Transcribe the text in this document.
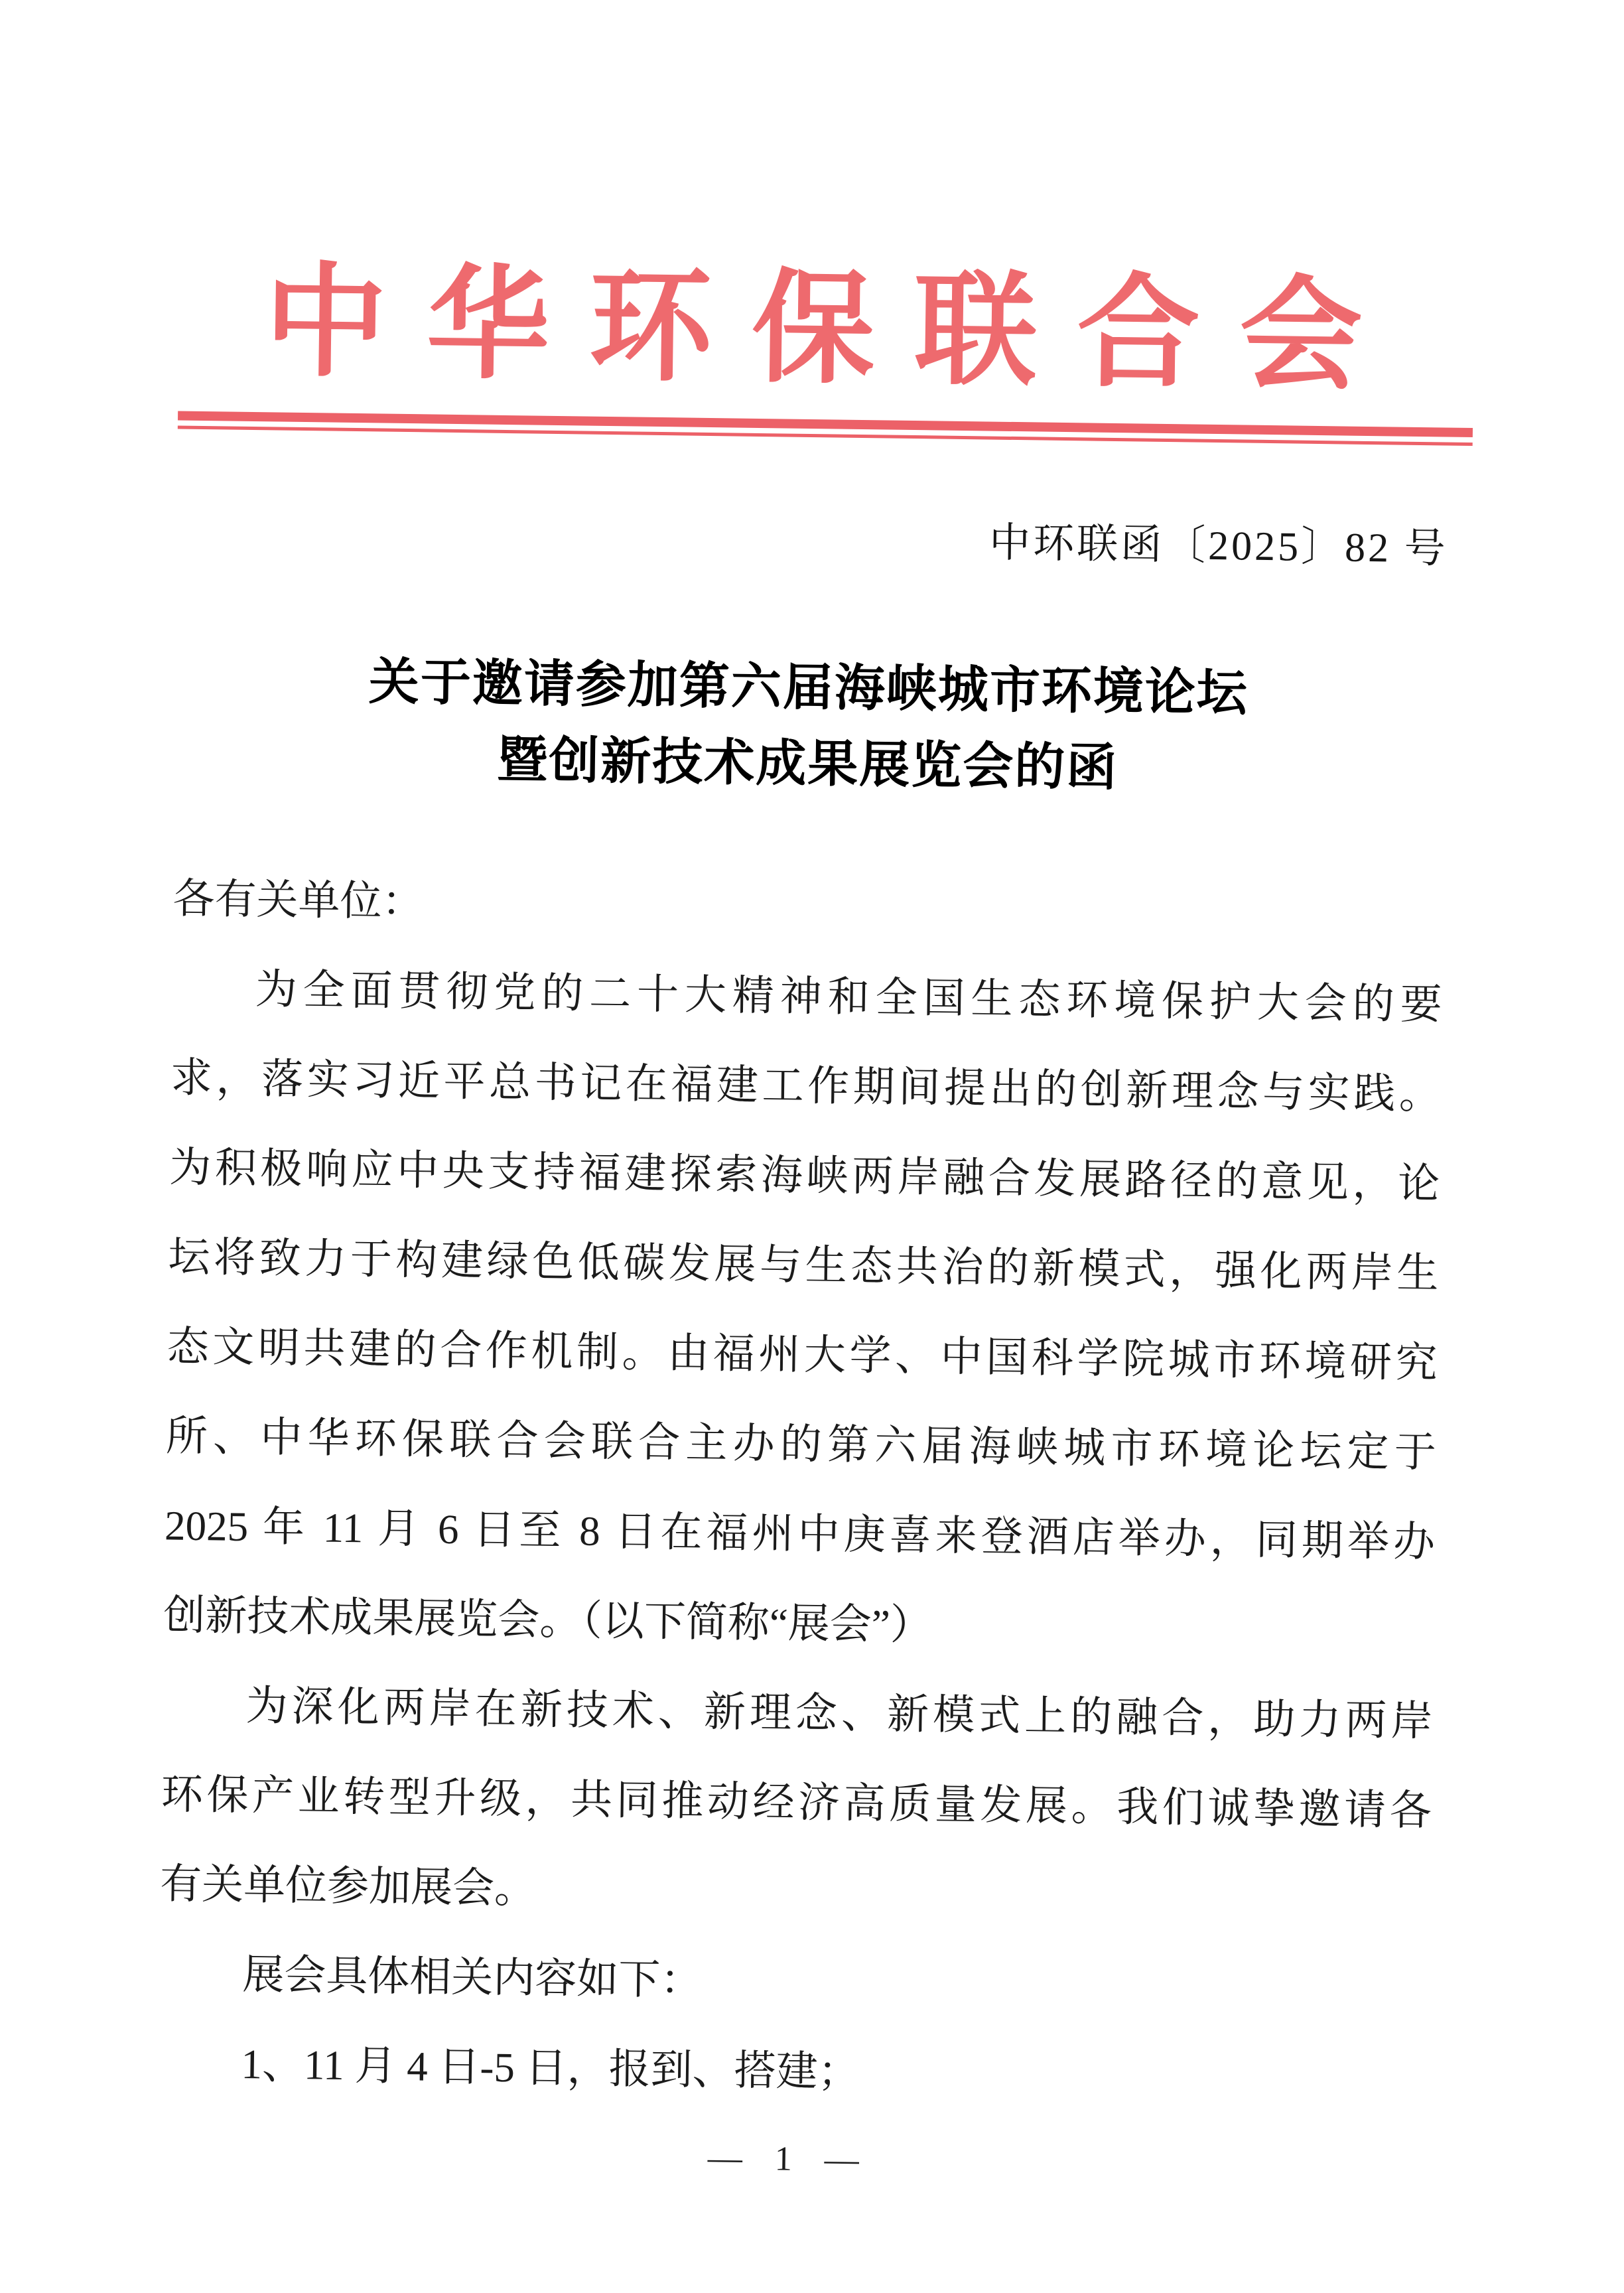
中华环保联合会
中环联函〔2025〕82 号
关于邀请参加第六届海峡城市环境论坛
暨创新技术成果展览会的函
各有关单位：
为全面贯彻党的二十大精神和全国生态环境保护大会的要
求，落实习近平总书记在福建工作期间提出的创新理念与实践。
为积极响应中央支持福建探索海峡两岸融合发展路径的意见，论
坛将致力于构建绿色低碳发展与生态共治的新模式，强化两岸生
态文明共建的合作机制。由福州大学、中国科学院城市环境研究
所、中华环保联合会联合主办的第六届海峡城市环境论坛定于
2025 年 11 月 6 日至 8 日在福州中庚喜来登酒店举办，同期举办
创新技术成果展览会。（以下简称“展会”）
为深化两岸在新技术、新理念、新模式上的融合，助力两岸
环保产业转型升级，共同推动经济高质量发展。我们诚挚邀请各
有关单位参加展会。
展会具体相关内容如下：
1、11 月 4 日-5 日，报到、搭建；
— 1 —
